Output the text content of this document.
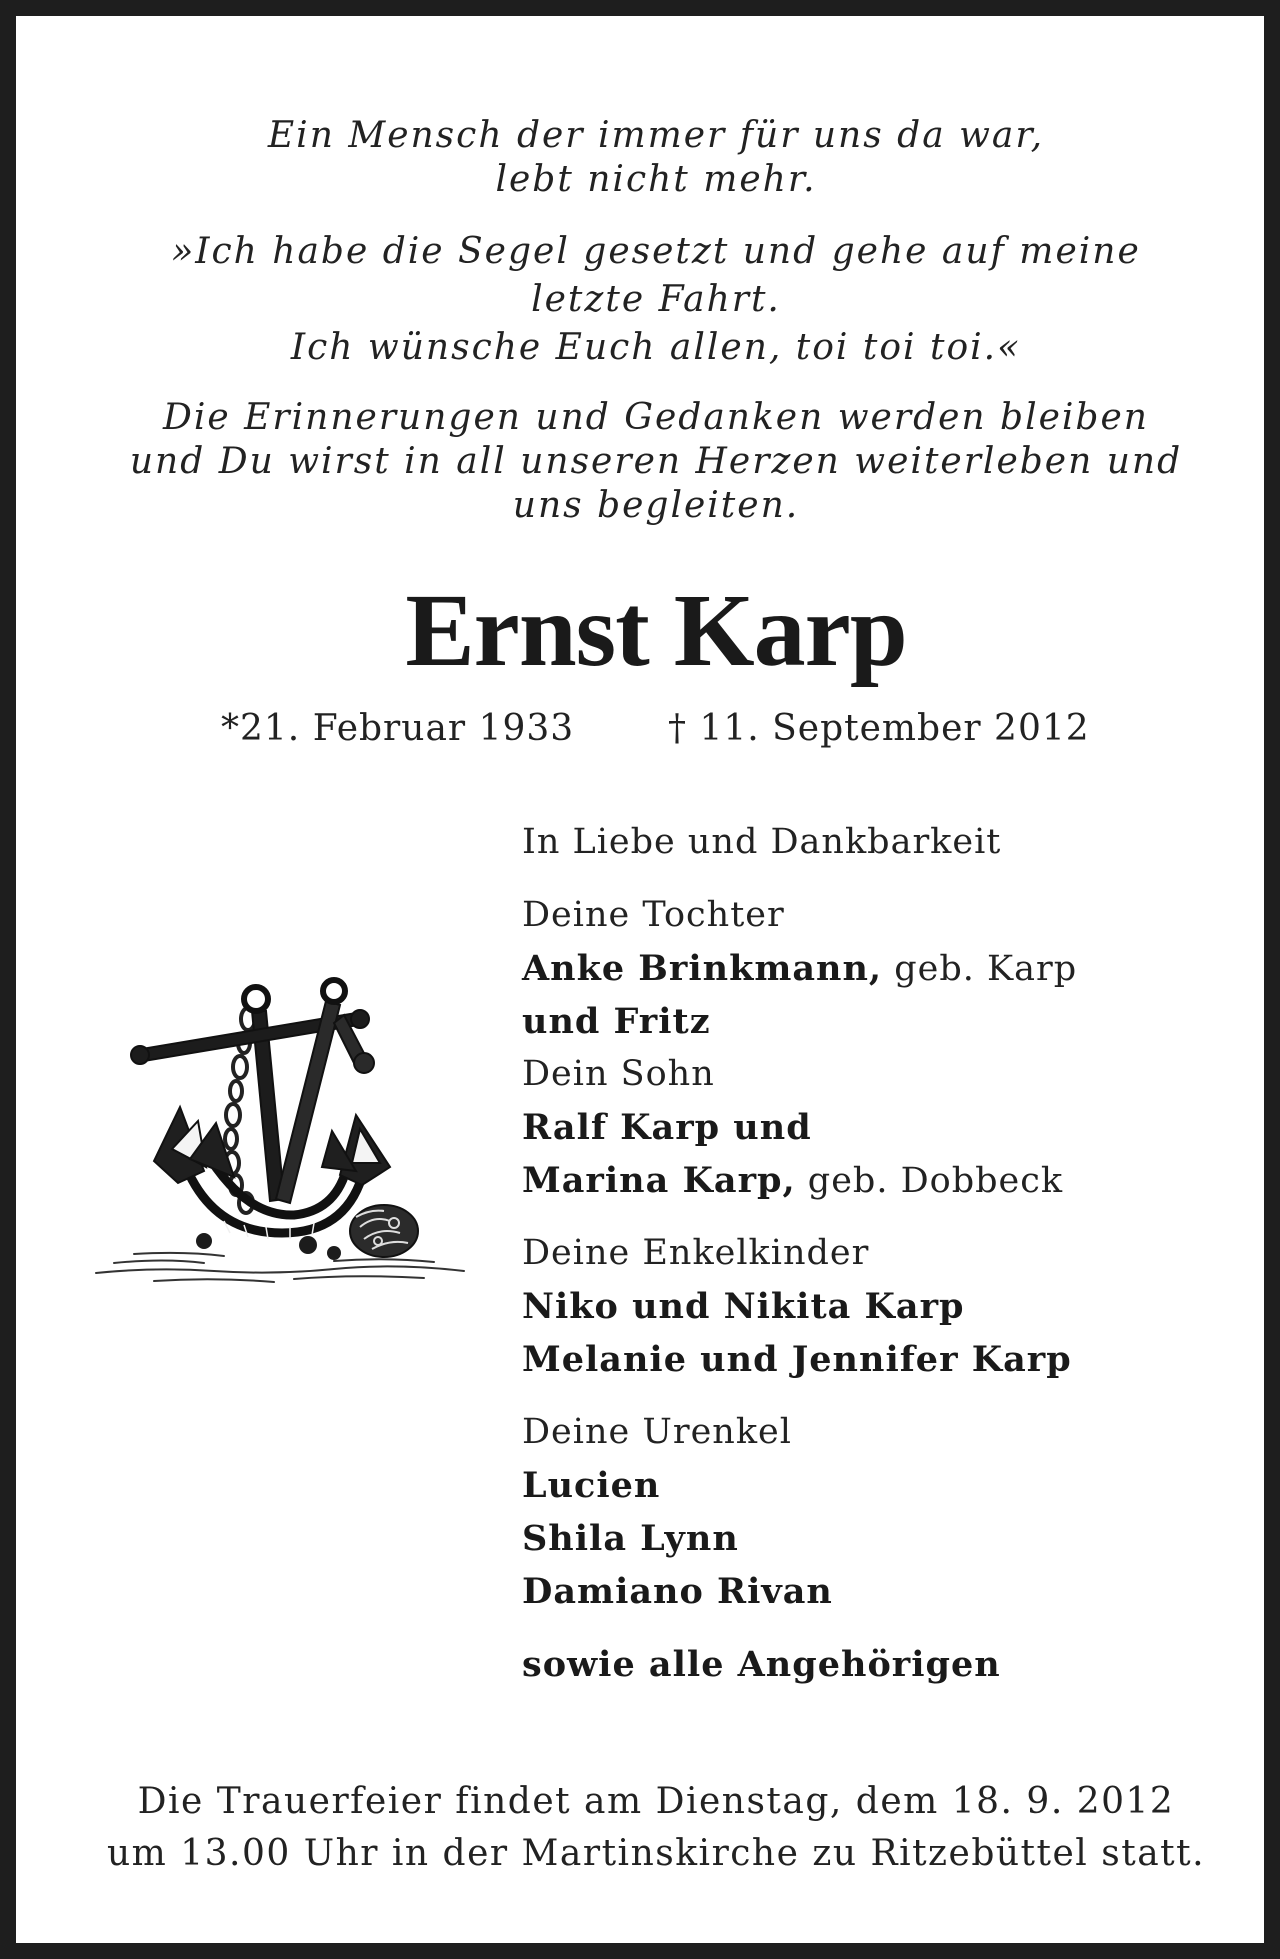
Ein Mensch der immer für uns da war,
lebt nicht mehr.
»Ich habe die Segel gesetzt und gehe auf meine
letzte Fahrt.
Ich wünsche Euch allen, toi toi toi.«
Die Erinnerungen und Gedanken werden bleiben
und Du wirst in all unseren Herzen weiterleben und
uns begleiten.
Ernst Karp
*21. Februar 1933	† 11. September 2012
In Liebe und Dankbarkeit
Deine Tochter
Anke Brinkmann, geb. Karp
und Fritz
Dein Sohn
Ralf Karp und
Marina Karp, geb. Dobbeck
Deine Enkelkinder
Niko und Nikita Karp
Melanie und Jennifer Karp
Deine Urenkel
Lucien
Shila Lynn
Damiano Rivan
sowie alle Angehörigen
Die Trauerfeier findet am Dienstag, dem 18. 9. 2012
um 13.00 Uhr in der Martinskirche zu Ritzebüttel statt.
